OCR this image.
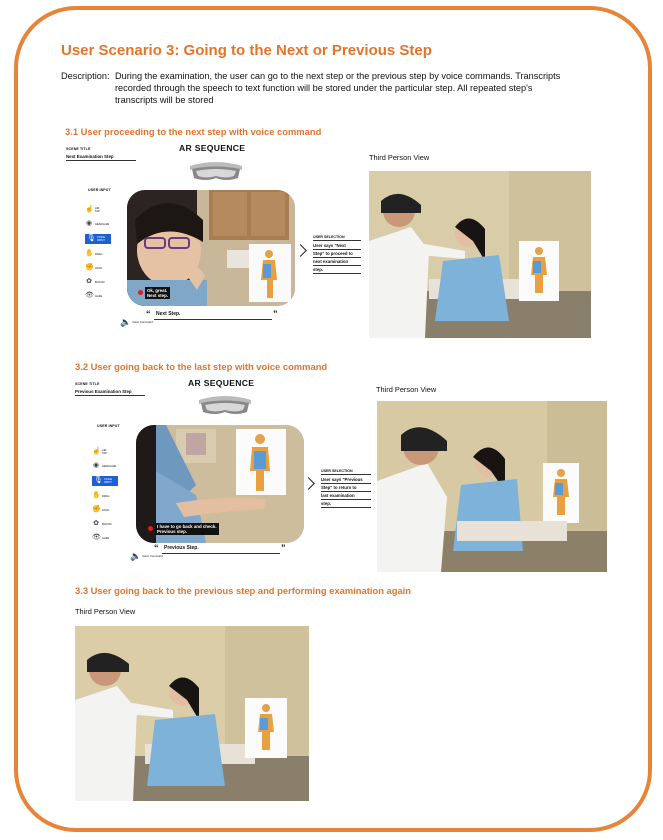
User Scenario 3: Going to the Next or Previous Step
Description: During the examination, the user can go to the next step or the previous step by voice commands. Transcripts
recorded through the speech to text function will be stored under the particular step. All repeated step's
transcripts will be stored
3.1 User proceeding to the next step with voice command
SCENE TITLE
Next Examination Step
AR SEQUENCE
USER INPUT
☝ AIR TAP
◉	HEADGAZE
🎙 VOICE INPUT
✋ DRAG
✊ HOLD
✿	BLOOM
👁 GAZE
Ok, great.
Next step.
USER SELECTION
User says "Next
Step" to proceed to
next examination
step.
“ Next Step.	”
🔈 Voice Command
Third Person View
3.2 User going back to the last step with voice command
SCENE TITLE
Previous Examination Step
AR SEQUENCE
USER INPUT
☝ AIR TAP
◉	HEADGAZE
🎙 VOICE INPUT
✋ DRAG
✊ HOLD
✿	BLOOM
👁 GAZE
I have to go back and check.
Previous step.
USER SELECTION
User says "Previous
Step" to return to
last examination
step.
“ Previous Step.	”
🔈 Voice Command
Third Person View
3.3 User going back to the previous step and performing examination again
Third Person View
